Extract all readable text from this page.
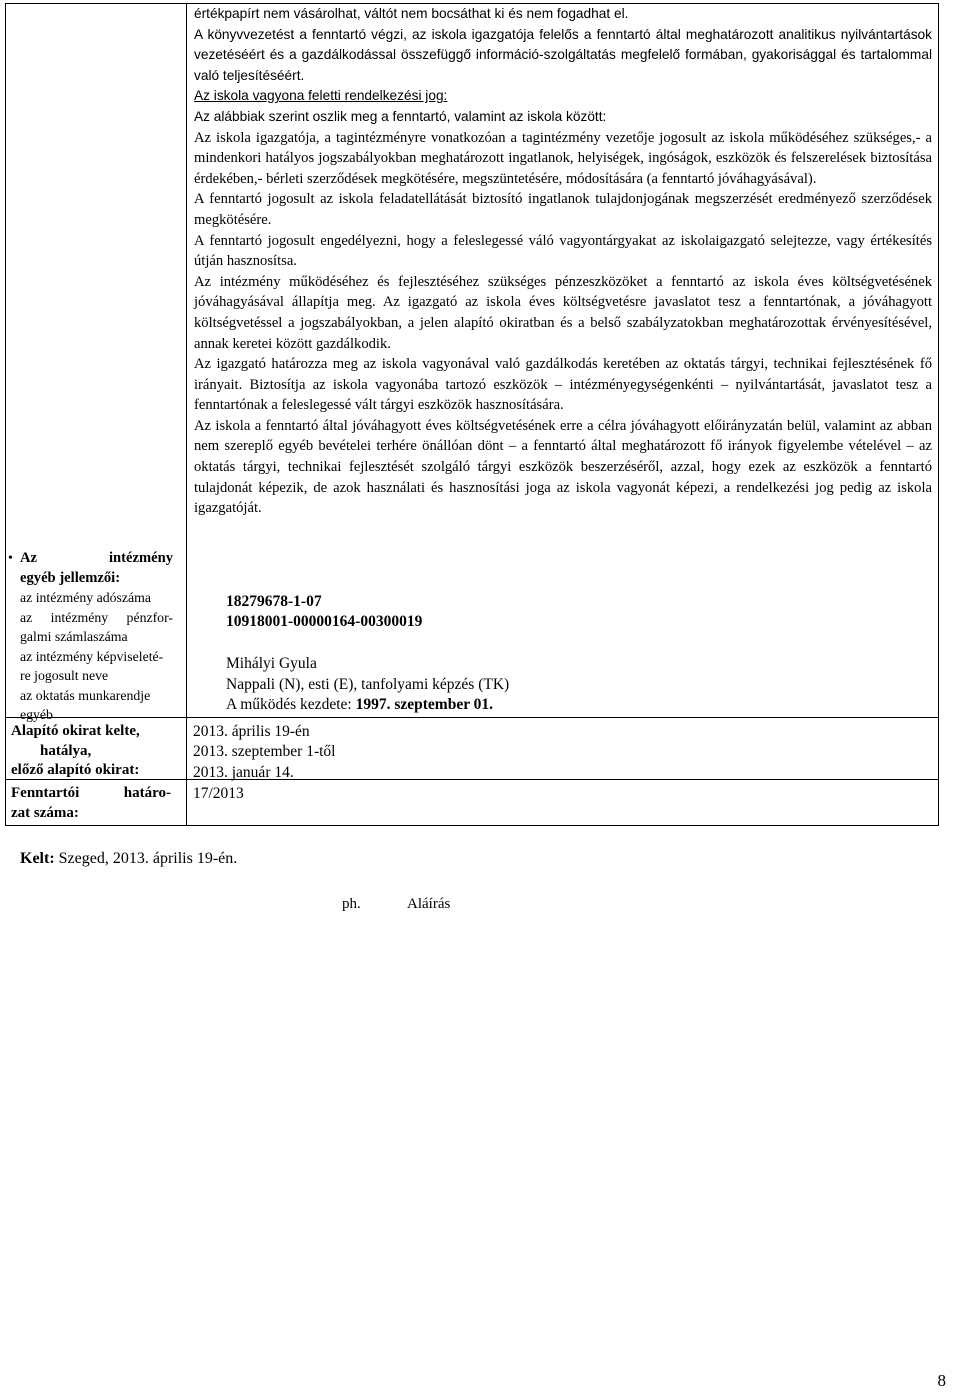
értékpapírt nem vásárolhat, váltót nem bocsáthat ki és nem fogadhat el.

A könyvvezetést a fenntartó végzi, az iskola igazgatója felelős a fenntartó által meghatározott analitikus nyilvántartások vezetéséért és a gazdálkodással összefüggő információ-szolgáltatás megfelelő formában, gyakorisággal és tartalommal való teljesítéséért.

Az iskola vagyona feletti rendelkezési jog:

Az alábbiak szerint oszlik meg a fenntartó, valamint az iskola között:

Az iskola igazgatója, a tagintézményre vonatkozóan a tagintézmény vezetője jogosult az iskola működéséhez szükséges,- a mindenkori hatályos jogszabályokban meghatározott ingatlanok, helyiségek, ingóságok, eszközök és felszerelések biztosítása érdekében,- bérleti szerződések megkötésére, megszüntetésére, módosítására (a fenntartó jóváhagyásával).

A fenntartó jogosult az iskola feladatellátását biztosító ingatlanok tulajdonjogának megszerzését eredményező szerződések megkötésére.

A fenntartó jogosult engedélyezni, hogy a feleslegessé váló vagyontárgyakat az iskolaigazgató selejtezze, vagy értékesítés útján hasznosítsa.

Az intézmény működéséhez és fejlesztéséhez szükséges pénzeszközöket a fenntartó az iskola éves költségvetésének jóváhagyásával állapítja meg. Az igazgató az iskola éves költségvetésre javaslatot tesz a fenntartónak, a jóváhagyott költségvetéssel a jogszabályokban, a jelen alapító okiratban és a belső szabályzatokban meghatározottak érvényesítésével, annak keretei között gazdálkodik.

Az igazgató határozza meg az iskola vagyonával való gazdálkodás keretében az oktatás tárgyi, technikai fejlesztésének fő irányait. Biztosítja az iskola vagyonába tartozó eszközök – intézményegységenkénti – nyilvántartását, javaslatot tesz a fenntartónak a feleslegessé vált tárgyi eszközök hasznosítására.

Az iskola a fenntartó által jóváhagyott éves költségvetésének erre a célra jóváhagyott előirányzatán belül, valamint az abban nem szereplő egyéb bevételei terhére önállóan dönt – a fenntartó által meghatározott fő irányok figyelembe vételével – az oktatás tárgyi, technikai fejlesztését szolgáló tárgyi eszközök beszerzéséről, azzal, hogy ezek az eszközök a fenntartó tulajdonát képezik, de azok használati és hasznosítási joga az iskola vagyonát képezi, a rendelkezési jog pedig az iskola igazgatóját.

• Az intézmény
egyéb jellemzői:
az intézmény adószáma
az intézmény pénzfor-
galmi számlaszáma
az intézmény képviseleté-
re jogosult neve
az oktatás munkarendje
egyéb
Alapító okirat kelte,
hatálya,
előző alapító okirat:
Fenntartói határo-
zat száma:
18279678-1-07
10918001-00000164-00300019
Mihályi Gyula
Nappali (N), esti (E), tanfolyami képzés (TK)
A működés kezdete: 1997. szeptember 01.
2013. április 19-én
2013. szeptember 1-től
2013. január 14.
17/2013
Kelt: Szeged, 2013. április 19-én.
ph.	Aláírás
8
